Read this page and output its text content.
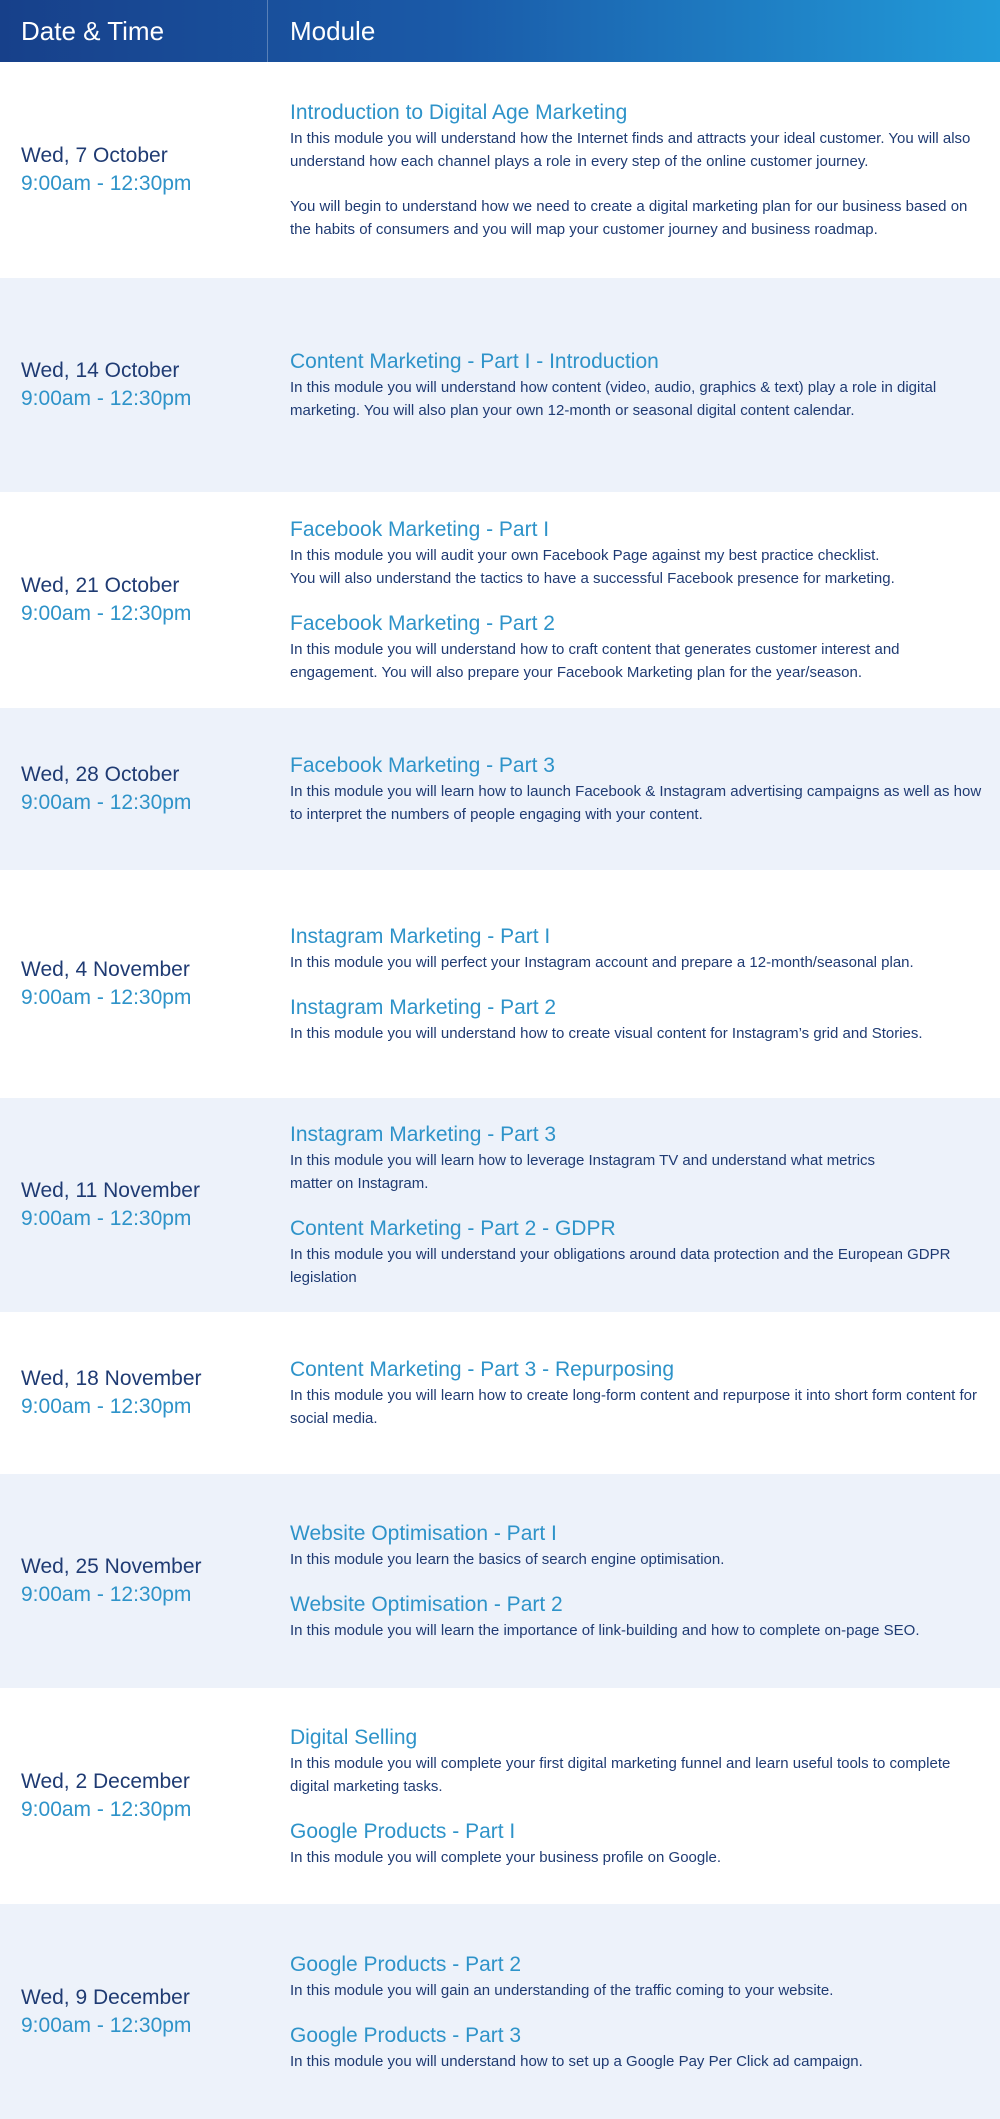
Date & Time	Module
Wed, 7 October
9:00am - 12:30pm
Introduction to Digital Age Marketing
In this module you will understand how the Internet finds and attracts your ideal customer. You will also understand how each channel plays a role in every step of the online customer journey.
You will begin to understand how we need to create a digital marketing plan for our business based on the habits of consumers and you will map your customer journey and business roadmap.
Wed, 14 October
9:00am - 12:30pm
Content Marketing - Part I - Introduction
In this module you will understand how content (video, audio, graphics & text) play a role in digital marketing. You will also plan your own 12-month or seasonal digital content calendar.
Wed, 21 October
9:00am - 12:30pm
Facebook Marketing - Part I
In this module you will audit your own Facebook Page against my best practice checklist.
You will also understand the tactics to have a successful Facebook presence for marketing.
Facebook Marketing - Part 2
In this module you will understand how to craft content that generates customer interest and engagement. You will also prepare your Facebook Marketing plan for the year/season.
Wed, 28 October
9:00am - 12:30pm
Facebook Marketing - Part 3
In this module you will learn how to launch Facebook & Instagram advertising campaigns as well as how to interpret the numbers of people engaging with your content.
Wed, 4 November
9:00am - 12:30pm
Instagram Marketing - Part I
In this module you will perfect your Instagram account and prepare a 12-month/seasonal plan.
Instagram Marketing - Part 2
In this module you will understand how to create visual content for Instagram’s grid and Stories.
Wed, 11 November
9:00am - 12:30pm
Instagram Marketing - Part 3
In this module you will learn how to leverage Instagram TV and understand what metrics
matter on Instagram.
Content Marketing - Part 2 - GDPR
In this module you will understand your obligations around data protection and the European GDPR legislation
Wed, 18 November
9:00am - 12:30pm
Content Marketing - Part 3 - Repurposing
In this module you will learn how to create long-form content and repurpose it into short form content for social media.
Wed, 25 November
9:00am - 12:30pm
Website Optimisation - Part I
In this module you learn the basics of search engine optimisation.
Website Optimisation - Part 2
In this module you will learn the importance of link-building and how to complete on-page SEO.
Wed, 2 December
9:00am - 12:30pm
Digital Selling
In this module you will complete your first digital marketing funnel and learn useful tools to complete digital marketing tasks.
Google Products - Part I
In this module you will complete your business profile on Google.
Wed, 9 December
9:00am - 12:30pm
Google Products - Part 2
In this module you will gain an understanding of the traffic coming to your website.
Google Products - Part 3
In this module you will understand how to set up a Google Pay Per Click ad campaign.
